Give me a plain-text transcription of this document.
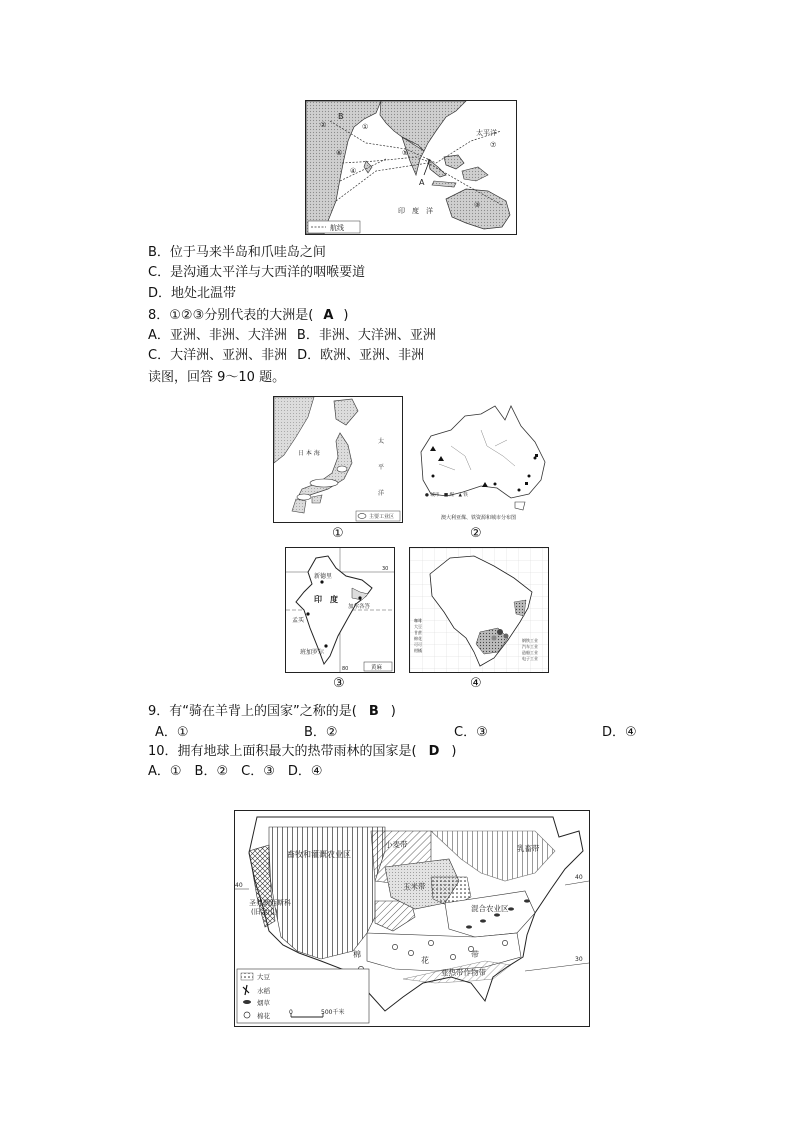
B
A
①
②
③
④
⑤
⑥
⑦
太平洋
印　度　洋
航线
B．位于马来半岛和爪哇岛之间
C．是沟通太平洋与大西洋的咽喉要道
D．地处北温带
8．①②③分别代表的大洲是( A )
A．亚洲、非洲、大洋洲 B．非洲、大洋洲、亚洲
C．大洋洲、亚洲、非洲 D．欧洲、亚洲、非洲
读图，回答 9～10 题。
日 本 海
太
平
洋
主要工业区
①
● 城市　■ 煤　▲ 铁
澳大利亚煤、铁资源和城市分布图
②
新德里
印　度
加尔各答
孟买
班加罗尔
30
80	黄麻
③
咖啡
大豆
甘蔗
棉花
可可
柑橘
钢铁工业
汽车工业
造船工业
电子工业
④
9．有“骑在羊背上的国家”之称的是( B )
A．①	B．②	C．③	D．④
10．拥有地球上面积最大的热带雨林的国家是( D )
A．①　B．②　C．③　D．④
畜牧和灌溉农业区
圣弗朗西斯科
(旧金山)
小麦带
玉米带
乳畜带
混合农业区
棉
花
带
亚热带作物带
40
40
30
大豆
水稻
烟草
棉花	0	500千米
